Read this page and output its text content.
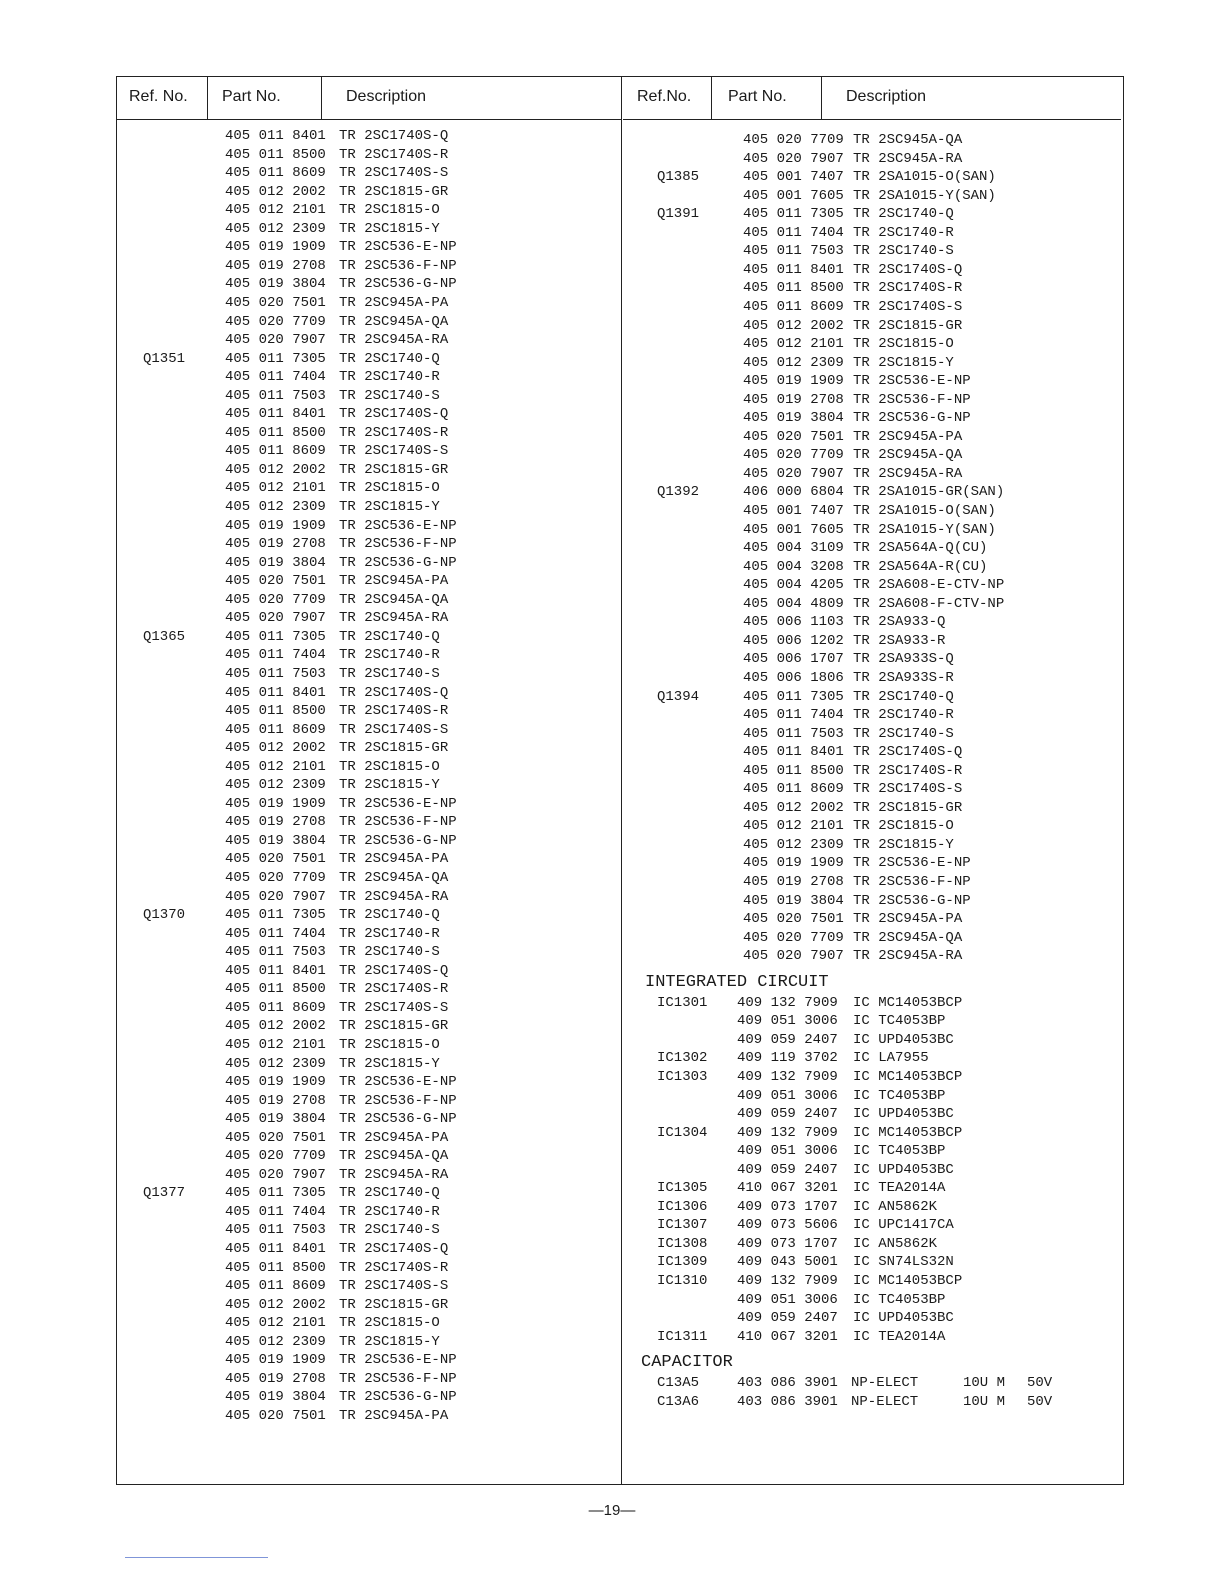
Ref. No.	Part No.	Description
405 011 8401 TR 2SC1740S-Q
405 011 8500 TR 2SC1740S-R
405 011 8609 TR 2SC1740S-S
405 012 2002 TR 2SC1815-GR
405 012 2101 TR 2SC1815-O
405 012 2309 TR 2SC1815-Y
405 019 1909 TR 2SC536-E-NP
405 019 2708 TR 2SC536-F-NP
405 019 3804 TR 2SC536-G-NP
405 020 7501 TR 2SC945A-PA
405 020 7709 TR 2SC945A-QA
405 020 7907 TR 2SC945A-RA
Q1351	405 011 7305 TR 2SC1740-Q
405 011 7404 TR 2SC1740-R
405 011 7503 TR 2SC1740-S
405 011 8401 TR 2SC1740S-Q
405 011 8500 TR 2SC1740S-R
405 011 8609 TR 2SC1740S-S
405 012 2002 TR 2SC1815-GR
405 012 2101 TR 2SC1815-O
405 012 2309 TR 2SC1815-Y
405 019 1909 TR 2SC536-E-NP
405 019 2708 TR 2SC536-F-NP
405 019 3804 TR 2SC536-G-NP
405 020 7501 TR 2SC945A-PA
405 020 7709 TR 2SC945A-QA
405 020 7907 TR 2SC945A-RA
Q1365	405 011 7305 TR 2SC1740-Q
405 011 7404 TR 2SC1740-R
405 011 7503 TR 2SC1740-S
405 011 8401 TR 2SC1740S-Q
405 011 8500 TR 2SC1740S-R
405 011 8609 TR 2SC1740S-S
405 012 2002 TR 2SC1815-GR
405 012 2101 TR 2SC1815-O
405 012 2309 TR 2SC1815-Y
405 019 1909 TR 2SC536-E-NP
405 019 2708 TR 2SC536-F-NP
405 019 3804 TR 2SC536-G-NP
405 020 7501 TR 2SC945A-PA
405 020 7709 TR 2SC945A-QA
405 020 7907 TR 2SC945A-RA
Q1370	405 011 7305 TR 2SC1740-Q
405 011 7404 TR 2SC1740-R
405 011 7503 TR 2SC1740-S
405 011 8401 TR 2SC1740S-Q
405 011 8500 TR 2SC1740S-R
405 011 8609 TR 2SC1740S-S
405 012 2002 TR 2SC1815-GR
405 012 2101 TR 2SC1815-O
405 012 2309 TR 2SC1815-Y
405 019 1909 TR 2SC536-E-NP
405 019 2708 TR 2SC536-F-NP
405 019 3804 TR 2SC536-G-NP
405 020 7501 TR 2SC945A-PA
405 020 7709 TR 2SC945A-QA
405 020 7907 TR 2SC945A-RA
Q1377	405 011 7305 TR 2SC1740-Q
405 011 7404 TR 2SC1740-R
405 011 7503 TR 2SC1740-S
405 011 8401 TR 2SC1740S-Q
405 011 8500 TR 2SC1740S-R
405 011 8609 TR 2SC1740S-S
405 012 2002 TR 2SC1815-GR
405 012 2101 TR 2SC1815-O
405 012 2309 TR 2SC1815-Y
405 019 1909 TR 2SC536-E-NP
405 019 2708 TR 2SC536-F-NP
405 019 3804 TR 2SC536-G-NP
405 020 7501 TR 2SC945A-PA
Ref.No.	Part No.	Description
405 020 7709 TR 2SC945A-QA
405 020 7907 TR 2SC945A-RA
Q1385	405 001 7407 TR 2SA1015-O(SAN)
405 001 7605 TR 2SA1015-Y(SAN)
Q1391	405 011 7305 TR 2SC1740-Q
405 011 7404 TR 2SC1740-R
405 011 7503 TR 2SC1740-S
405 011 8401 TR 2SC1740S-Q
405 011 8500 TR 2SC1740S-R
405 011 8609 TR 2SC1740S-S
405 012 2002 TR 2SC1815-GR
405 012 2101 TR 2SC1815-O
405 012 2309 TR 2SC1815-Y
405 019 1909 TR 2SC536-E-NP
405 019 2708 TR 2SC536-F-NP
405 019 3804 TR 2SC536-G-NP
405 020 7501 TR 2SC945A-PA
405 020 7709 TR 2SC945A-QA
405 020 7907 TR 2SC945A-RA
Q1392	406 000 6804 TR 2SA1015-GR(SAN)
405 001 7407 TR 2SA1015-O(SAN)
405 001 7605 TR 2SA1015-Y(SAN)
405 004 3109 TR 2SA564A-Q(CU)
405 004 3208 TR 2SA564A-R(CU)
405 004 4205 TR 2SA608-E-CTV-NP
405 004 4809 TR 2SA608-F-CTV-NP
405 006 1103 TR 2SA933-Q
405 006 1202 TR 2SA933-R
405 006 1707 TR 2SA933S-Q
405 006 1806 TR 2SA933S-R
Q1394	405 011 7305 TR 2SC1740-Q
405 011 7404 TR 2SC1740-R
405 011 7503 TR 2SC1740-S
405 011 8401 TR 2SC1740S-Q
405 011 8500 TR 2SC1740S-R
405 011 8609 TR 2SC1740S-S
405 012 2002 TR 2SC1815-GR
405 012 2101 TR 2SC1815-O
405 012 2309 TR 2SC1815-Y
405 019 1909 TR 2SC536-E-NP
405 019 2708 TR 2SC536-F-NP
405 019 3804 TR 2SC536-G-NP
405 020 7501 TR 2SC945A-PA
405 020 7709 TR 2SC945A-QA
405 020 7907 TR 2SC945A-RA
INTEGRATED CIRCUIT
IC1301 409 132 7909 IC MC14053BCP
409 051 3006 IC TC4053BP
409 059 2407 IC UPD4053BC
IC1302 409 119 3702 IC LA7955
IC1303 409 132 7909 IC MC14053BCP
409 051 3006 IC TC4053BP
409 059 2407 IC UPD4053BC
IC1304 409 132 7909 IC MC14053BCP
409 051 3006 IC TC4053BP
409 059 2407 IC UPD4053BC
IC1305 410 067 3201 IC TEA2014A
IC1306 409 073 1707 IC AN5862K
IC1307 409 073 5606 IC UPC1417CA
IC1308 409 073 1707 IC AN5862K
IC1309 409 043 5001 IC SN74LS32N
IC1310 409 132 7909 IC MC14053BCP
409 051 3006 IC TC4053BP
409 059 2407 IC UPD4053BC
IC1311 410 067 3201 IC TEA2014A
CAPACITOR
C13A5	403 086 3901 NP-ELECT	10U M 50V
C13A6	403 086 3901 NP-ELECT	10U M 50V
—19—
